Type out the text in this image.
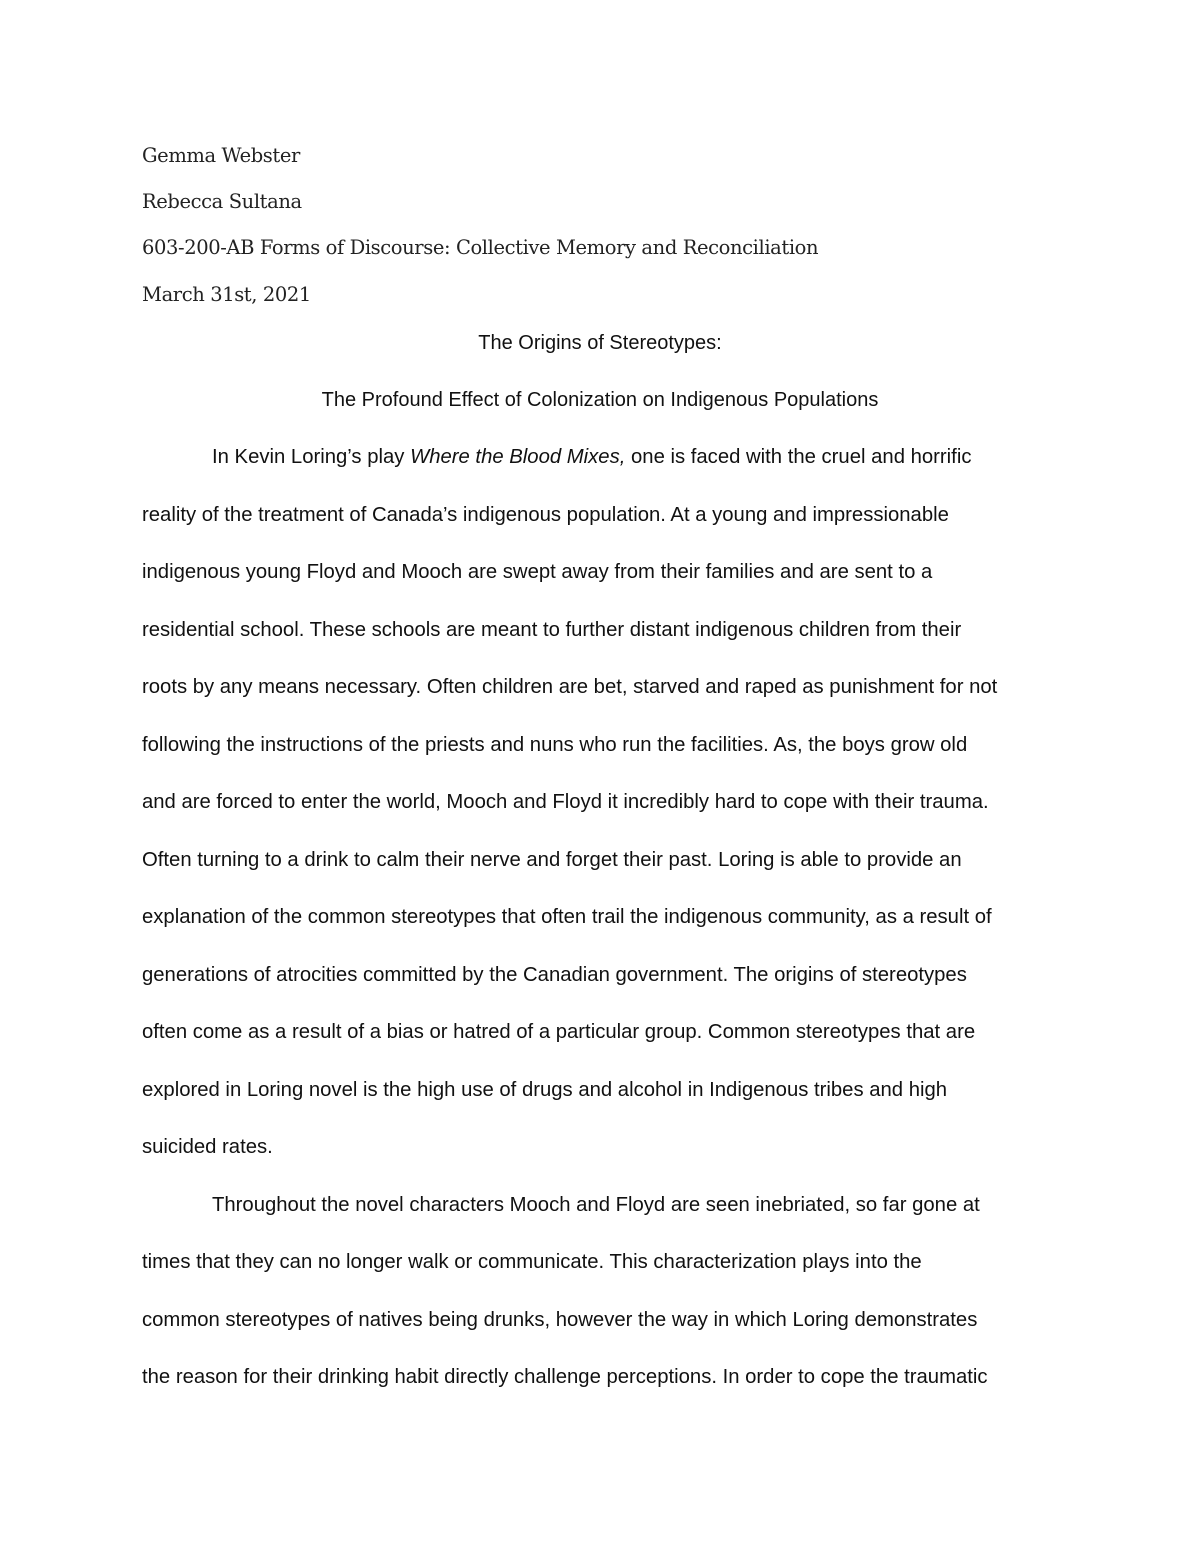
Gemma Webster
Rebecca Sultana
603-200-AB Forms of Discourse: Collective Memory and Reconciliation
March 31st, 2021
The Origins of Stereotypes:
The Profound Effect of Colonization on Indigenous Populations
In Kevin Loring’s play Where the Blood Mixes, one is faced with the cruel and horrific
reality of the treatment of Canada’s indigenous population. At a young and impressionable
indigenous young Floyd and Mooch are swept away from their families and are sent to a
residential school. These schools are meant to further distant indigenous children from their
roots by any means necessary. Often children are bet, starved and raped as punishment for not
following the instructions of the priests and nuns who run the facilities. As, the boys grow old
and are forced to enter the world, Mooch and Floyd it incredibly hard to cope with their trauma.
Often turning to a drink to calm their nerve and forget their past. Loring is able to provide an
explanation of the common stereotypes that often trail the indigenous community, as a result of
generations of atrocities committed by the Canadian government. The origins of stereotypes
often come as a result of a bias or hatred of a particular group. Common stereotypes that are
explored in Loring novel is the high use of drugs and alcohol in Indigenous tribes and high
suicided rates.
Throughout the novel characters Mooch and Floyd are seen inebriated, so far gone at
times that they can no longer walk or communicate. This characterization plays into the
common stereotypes of natives being drunks, however the way in which Loring demonstrates
the reason for their drinking habit directly challenge perceptions. In order to cope the traumatic
